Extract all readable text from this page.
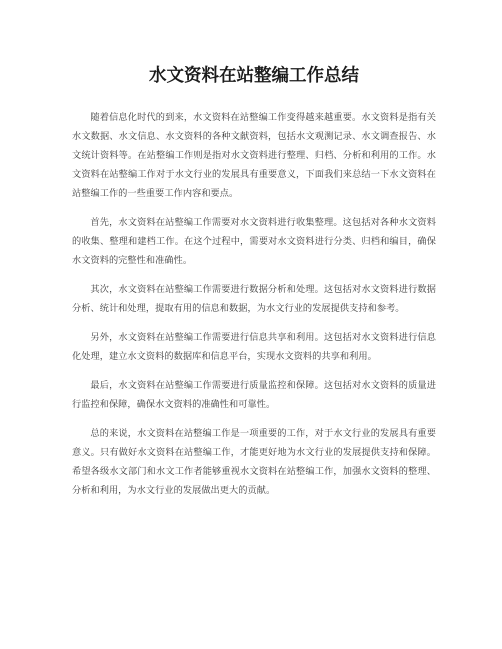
水文资料在站整编工作总结

随着信息化时代的到来，水文资料在站整编工作变得越来越重要。水文资料是指有关水文数据、水文信息、水文资料的各种文献资料，包括水文观测记录、水文调查报告、水文统计资料等。在站整编工作则是指对水文资料进行整理、归档、分析和利用的工作。水文资料在站整编工作对于水文行业的发展具有重要意义，下面我们来总结一下水文资料在站整编工作的一些重要工作内容和要点。

首先，水文资料在站整编工作需要对水文资料进行收集整理。这包括对各种水文资料的收集、整理和建档工作。在这个过程中，需要对水文资料进行分类、归档和编目，确保水文资料的完整性和准确性。

其次，水文资料在站整编工作需要进行数据分析和处理。这包括对水文资料进行数据分析、统计和处理，提取有用的信息和数据，为水文行业的发展提供支持和参考。

另外，水文资料在站整编工作需要进行信息共享和利用。这包括对水文资料进行信息化处理，建立水文资料的数据库和信息平台，实现水文资料的共享和利用。

最后，水文资料在站整编工作需要进行质量监控和保障。这包括对水文资料的质量进行监控和保障，确保水文资料的准确性和可靠性。

总的来说，水文资料在站整编工作是一项重要的工作，对于水文行业的发展具有重要意义。只有做好水文资料在站整编工作，才能更好地为水文行业的发展提供支持和保障。希望各级水文部门和水文工作者能够重视水文资料在站整编工作，加强水文资料的整理、分析和利用，为水文行业的发展做出更大的贡献。
